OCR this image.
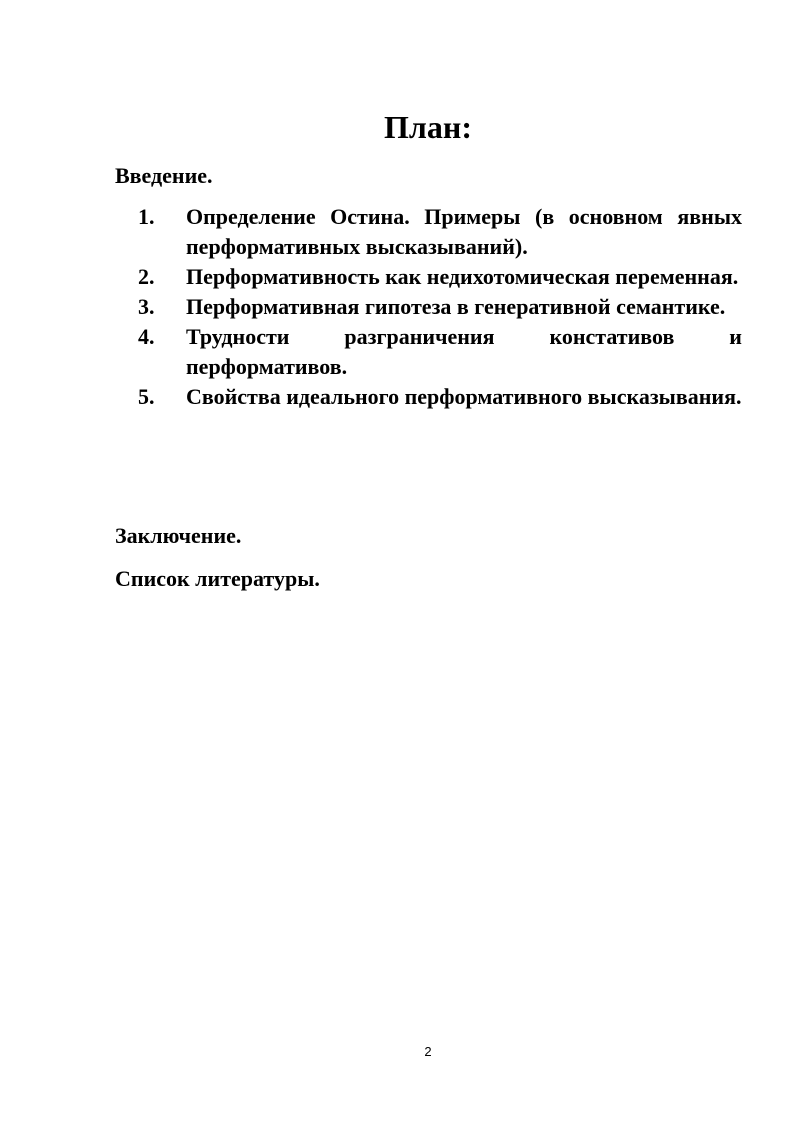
План:

Введение.

1. Определение Остина. Примеры (в основном явных перформативных высказываний).
2. Перформативность как недихотомическая переменная.
3. Перформативная гипотеза в генеративной семантике.
4. Трудности разграничения констативов и перформативов.
5. Свойства идеального перформативного высказывания.

Заключение.

Список литературы.

2
